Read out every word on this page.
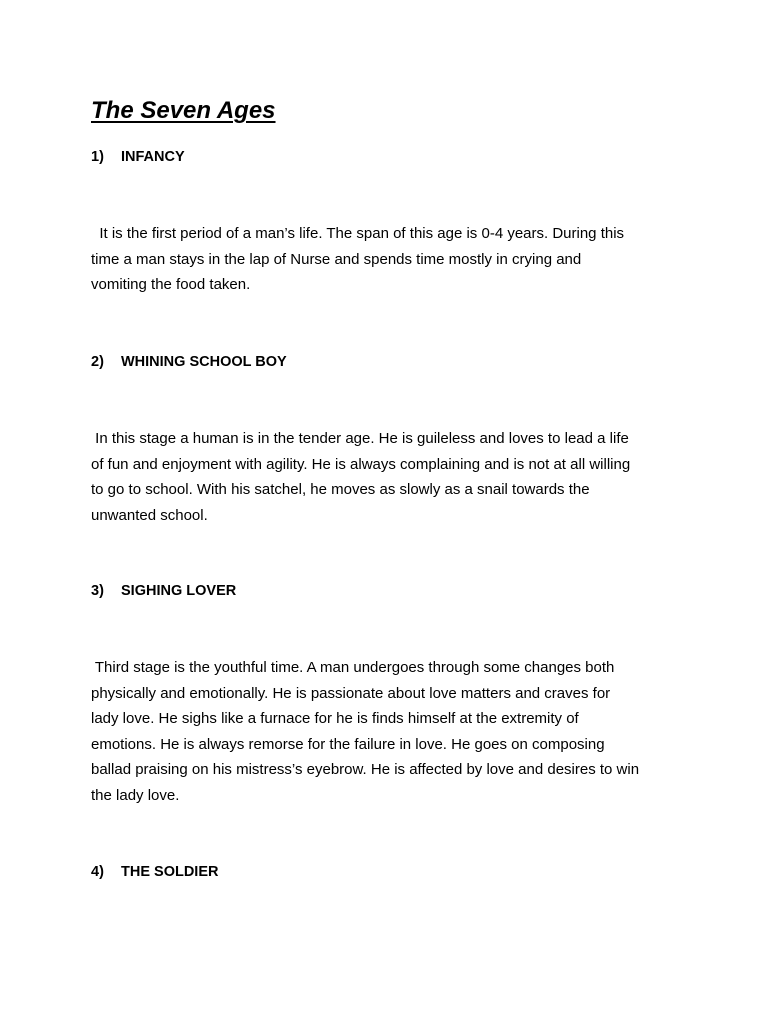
The Seven Ages
1) INFANCY
It is the first period of a man’s life. The span of this age is 0-4 years. During this
time a man stays in the lap of Nurse and spends time mostly in crying and
vomiting the food taken.
2) WHINING SCHOOL BOY
In this stage a human is in the tender age. He is guileless and loves to lead a life
of fun and enjoyment with agility. He is always complaining and is not at all willing
to go to school. With his satchel, he moves as slowly as a snail towards the
unwanted school.
3) SIGHING LOVER
Third stage is the youthful time. A man undergoes through some changes both
physically and emotionally. He is passionate about love matters and craves for
lady love. He sighs like a furnace for he is finds himself at the extremity of
emotions. He is always remorse for the failure in love. He goes on composing
ballad praising on his mistress’s eyebrow. He is affected by love and desires to win
the lady love.
4) THE SOLDIER
